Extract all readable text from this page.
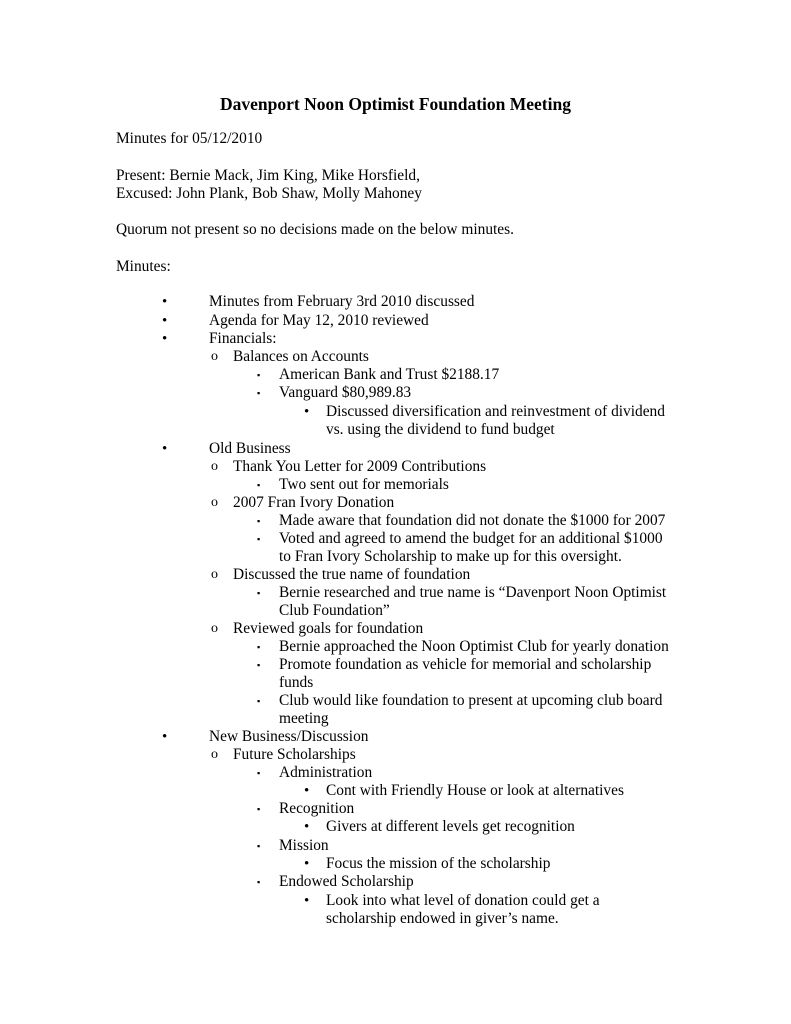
Davenport Noon Optimist Foundation Meeting
Minutes for 05/12/2010
Present: Bernie Mack, Jim King, Mike Horsfield,
Excused: John Plank, Bob Shaw, Molly Mahoney
Quorum not present so no decisions made on the below minutes.
Minutes:
•	Minutes from February 3rd 2010 discussed
•	Agenda for May 12, 2010 reviewed
•	Financials:
o Balances on Accounts
▪ American Bank and Trust $2188.17
▪ Vanguard $80,989.83
• Discussed diversification and reinvestment of dividend
vs. using the dividend to fund budget
•	Old Business
o Thank You Letter for 2009 Contributions
▪ Two sent out for memorials
o 2007 Fran Ivory Donation
▪ Made aware that foundation did not donate the $1000 for 2007
▪ Voted and agreed to amend the budget for an additional $1000
to Fran Ivory Scholarship to make up for this oversight.
o Discussed the true name of foundation
▪ Bernie researched and true name is “Davenport Noon Optimist
Club Foundation”
o Reviewed goals for foundation
▪ Bernie approached the Noon Optimist Club for yearly donation
▪ Promote foundation as vehicle for memorial and scholarship
funds
▪ Club would like foundation to present at upcoming club board
meeting
•	New Business/Discussion
o Future Scholarships
▪ Administration
• Cont with Friendly House or look at alternatives
▪ Recognition
• Givers at different levels get recognition
▪ Mission
• Focus the mission of the scholarship
▪ Endowed Scholarship
• Look into what level of donation could get a
scholarship endowed in giver’s name.
